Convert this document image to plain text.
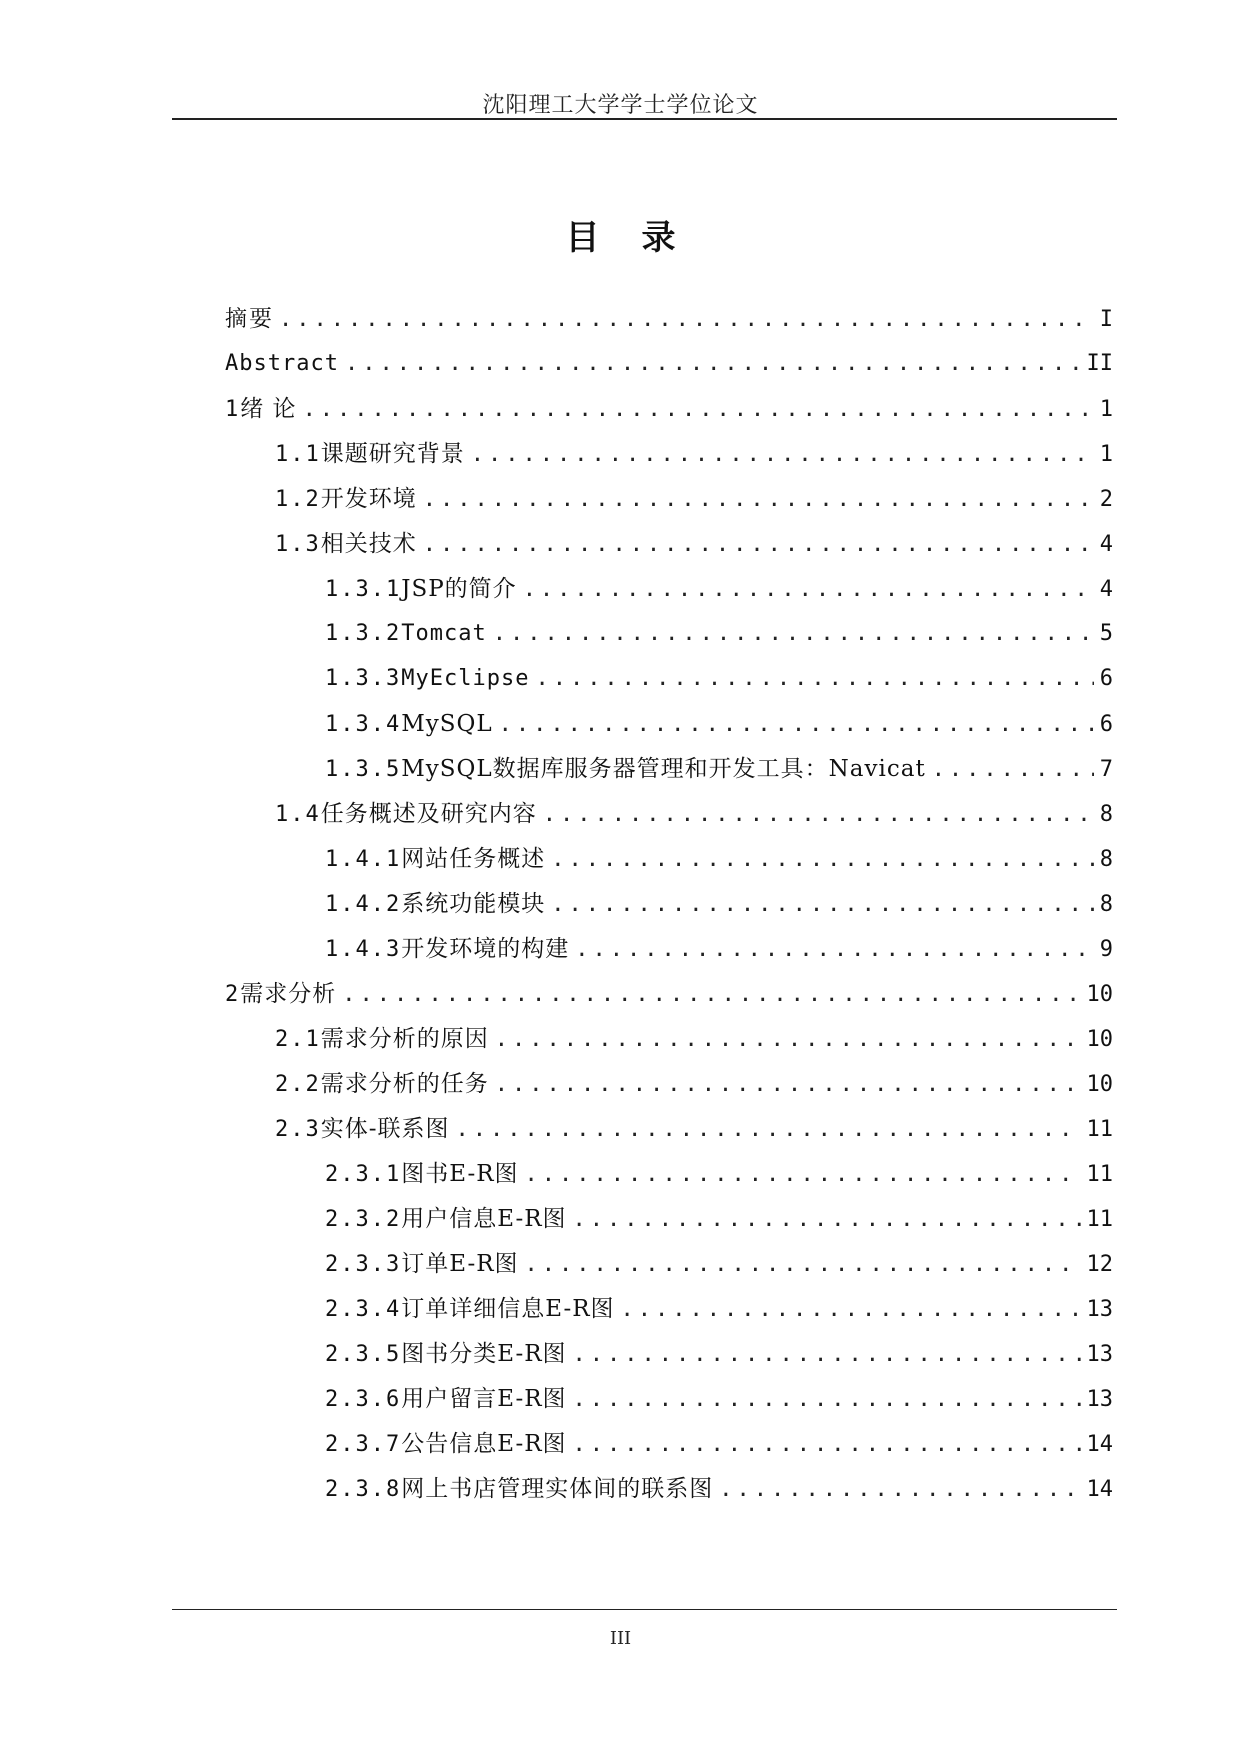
沈阳理工大学学士学位论文
目 录
摘 要 .....	I
Abstract .....	II
1 绪 论 .....	1
1.1 课题研究背景 .....	1
1.2 开发环境 .....	2
1.3 相关技术 .....	4
1.3.1 JSP的简介 .....	4
1.3.2 Tomcat .....	5
1.3.3 MyEclipse .....	6
1.3.4 MySQL .....	6
1.3.5 MySQL数据库服务器管理和开发工具：Navicat .....	7
1.4 任务概述及研究内容 .....	8
1.4.1 网站任务概述 .....	8
1.4.2 系统功能模块 .....	8
1.4.3 开发环境的构建 .....	9
2 需求分析 .....	10
2.1 需求分析的原因 .....	10
2.2 需求分析的任务 .....	10
2.3 实体-联系图 .....	11
2.3.1 图书E-R图 .....	11
2.3.2 用户信息E-R图 .....	11
2.3.3 订单E-R图 .....	12
2.3.4 订单详细信息E-R图 .....	13
2.3.5 图书分类E-R图 .....	13
2.3.6 用户留言E-R图 .....	13
2.3.7 公告信息E-R图 .....	14
2.3.8 网上书店管理实体间的联系图 .....	14
III
